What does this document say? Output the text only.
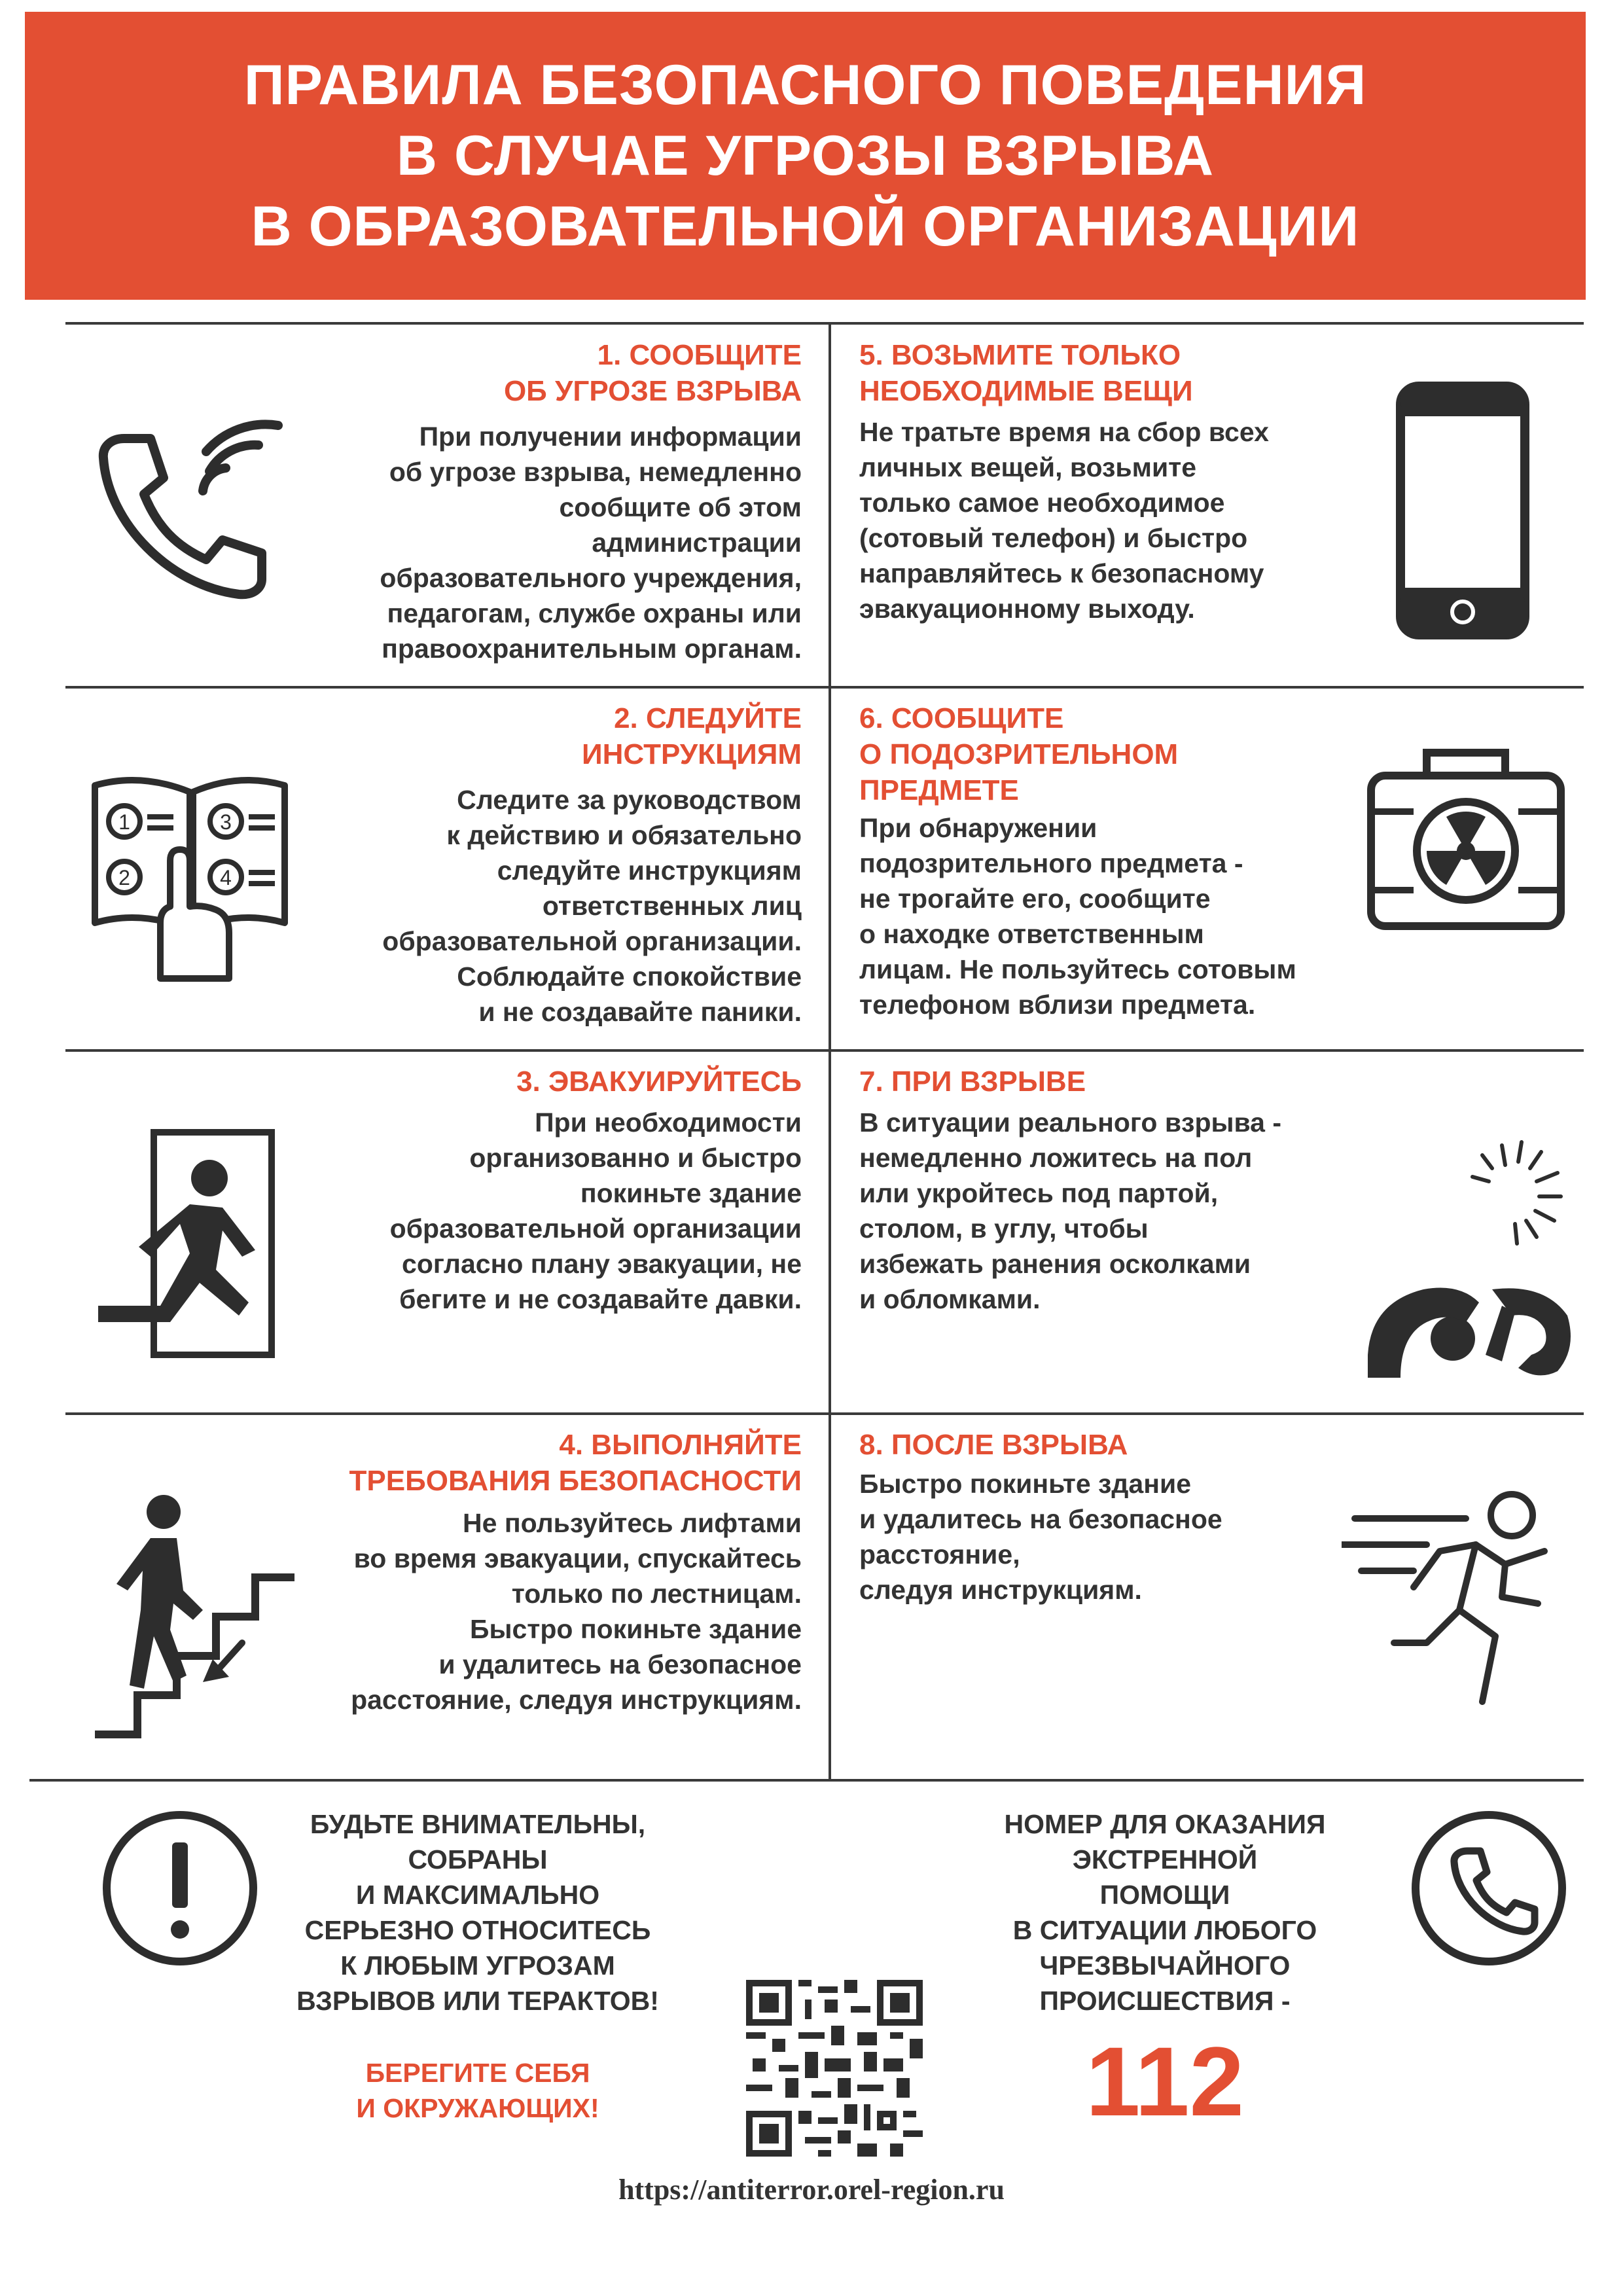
ПРАВИЛА БЕЗОПАСНОГО ПОВЕДЕНИЯ
В СЛУЧАЕ УГРОЗЫ ВЗРЫВА
В ОБРАЗОВАТЕЛЬНОЙ ОРГАНИЗАЦИИ
1. СООБЩИТЕ
ОБ УГРОЗЕ ВЗРЫВА
При получении информации
об угрозе взрыва, немедленно
сообщите об этом
администрации
образовательного учреждения,
педагогам, службе охраны или
правоохранительным органам.
2. СЛЕДУЙТЕ
ИНСТРУКЦИЯМ
Следите за руководством
к действию и обязательно
следуйте инструкциям
ответственных лиц
образовательной организации.
Соблюдайте спокойствие
и не создавайте паники.
1	3
2	4
3. ЭВАКУИРУЙТЕСЬ
При необходимости
организованно и быстро
покиньте здание
образовательной организации
согласно плану эвакуации, не
бегите и не создавайте давки.
4. ВЫПОЛНЯЙТЕ
ТРЕБОВАНИЯ БЕЗОПАСНОСТИ
Не пользуйтесь лифтами
во время эвакуации, спускайтесь
только по лестницам.
Быстро покиньте здание
и удалитесь на безопасное
расстояние, следуя инструкциям.
5. ВОЗЬМИТЕ ТОЛЬКО
НЕОБХОДИМЫЕ ВЕЩИ
Не тратьте время на сбор всех
личных вещей, возьмите
только самое необходимое
(сотовый телефон) и быстро
направляйтесь к безопасному
эвакуационному выходу.
6. СООБЩИТЕ
О ПОДОЗРИТЕЛЬНОМ
ПРЕДМЕТЕ
При обнаружении
подозрительного предмета -
не трогайте его, сообщите
о находке ответственным
лицам. Не пользуйтесь сотовым
телефоном вблизи предмета.
7. ПРИ ВЗРЫВЕ
В ситуации реального взрыва -
немедленно ложитесь на пол
или укройтесь под партой,
столом, в углу, чтобы
избежать ранения осколками
и обломками.
8. ПОСЛЕ ВЗРЫВА
Быстро покиньте здание
и удалитесь на безопасное
расстояние,
следуя инструкциям.
БУДЬТЕ ВНИМАТЕЛЬНЫ,
СОБРАНЫ
И МАКСИМАЛЬНО
СЕРЬЕЗНО ОТНОСИТЕСЬ
К ЛЮБЫМ УГРОЗАМ
ВЗРЫВОВ ИЛИ ТЕРАКТОВ!
БЕРЕГИТЕ СЕБЯ
И ОКРУЖАЮЩИХ!
НОМЕР ДЛЯ ОКАЗАНИЯ
ЭКСТРЕННОЙ
ПОМОЩИ
В СИТУАЦИИ ЛЮБОГО
ЧРЕЗВЫЧАЙНОГО
ПРОИСШЕСТВИЯ -
112
https://antiterror.orel-region.ru
